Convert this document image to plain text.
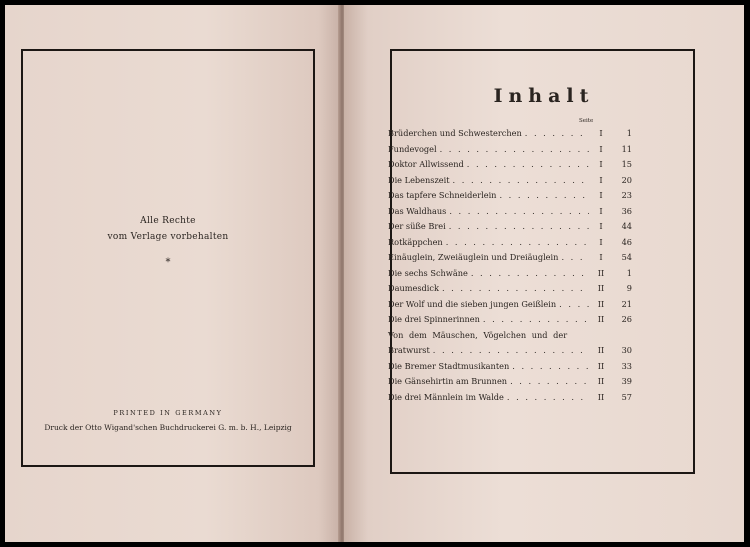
Alle Rechte
vom Verlage vorbehalten
*
PRINTED IN GERMANY
Druck der Otto Wigand'schen Buchdruckerei G. m. b. H., Leipzig
Inhalt
Seite
Brüderchen und Schwesterchen . . .	I	1
Fundevogel . . .	I	11
Doktor Allwissend . . .	I	15
Die Lebenszeit . . .	I	20
Das tapfere Schneiderlein . . .	I	23
Das Waldhaus . . .	I	36
Der süße Brei . . .	I	44
Rotkäppchen . . .	I	46
Einäuglein, Zweiäuglein und Dreiäuglein . . .	I	54
Die sechs Schwäne . . .	II	1
Daumesdick . . .	II	9
Der Wolf und die sieben jungen Geißlein . . .	II	21
Die drei Spinnerinnen . . .	II	26
Von dem Mäuschen, Vögelchen und der
Bratwurst . . .	II	30
Die Bremer Stadtmusikanten . . .	II	33
Die Gänsehirtin am Brunnen . . .	II	39
Die drei Männlein im Walde . . .	II	57
